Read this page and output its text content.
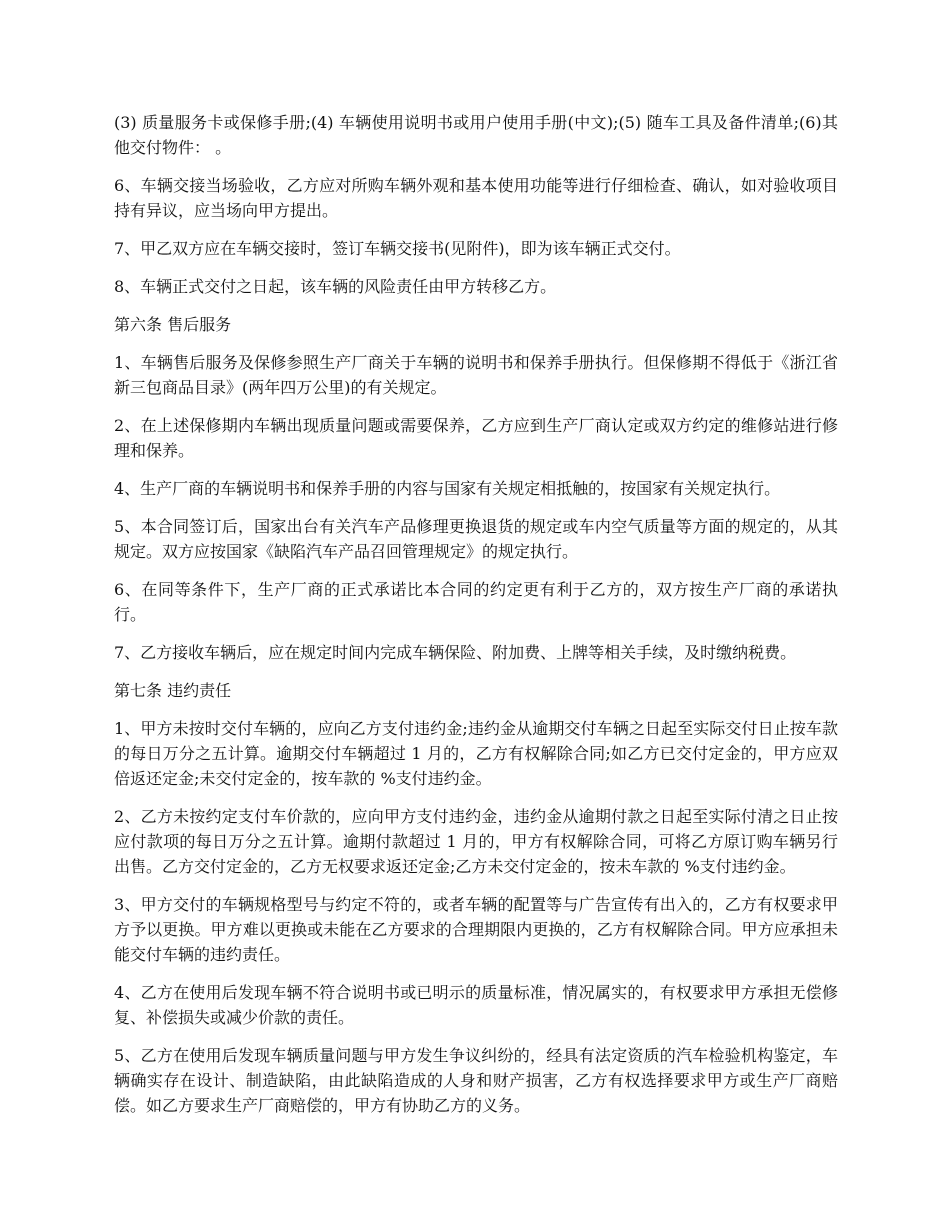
(3) 质量服务卡或保修手册;(4) 车辆使用说明书或用户使用手册(中文);(5) 随车工具及备件清单;(6)其他交付物件： 。

6、车辆交接当场验收，乙方应对所购车辆外观和基本使用功能等进行仔细检查、确认，如对验收项目持有异议，应当场向甲方提出。

7、甲乙双方应在车辆交接时，签订车辆交接书(见附件)，即为该车辆正式交付。

8、车辆正式交付之日起，该车辆的风险责任由甲方转移乙方。

第六条 售后服务

1、车辆售后服务及保修参照生产厂商关于车辆的说明书和保养手册执行。但保修期不得低于《浙江省新三包商品目录》(两年四万公里)的有关规定。

2、在上述保修期内车辆出现质量问题或需要保养，乙方应到生产厂商认定或双方约定的维修站进行修理和保养。

4、生产厂商的车辆说明书和保养手册的内容与国家有关规定相抵触的，按国家有关规定执行。

5、本合同签订后，国家出台有关汽车产品修理更换退货的规定或车内空气质量等方面的规定的，从其规定。双方应按国家《缺陷汽车产品召回管理规定》的规定执行。

6、在同等条件下，生产厂商的正式承诺比本合同的约定更有利于乙方的，双方按生产厂商的承诺执行。

7、乙方接收车辆后，应在规定时间内完成车辆保险、附加费、上牌等相关手续，及时缴纳税费。

第七条 违约责任

1、甲方未按时交付车辆的，应向乙方支付违约金;违约金从逾期交付车辆之日起至实际交付日止按车款的每日万分之五计算。逾期交付车辆超过 1 月的，乙方有权解除合同;如乙方已交付定金的，甲方应双倍返还定金;未交付定金的，按车款的 %支付违约金。

2、乙方未按约定支付车价款的，应向甲方支付违约金，违约金从逾期付款之日起至实际付清之日止按应付款项的每日万分之五计算。逾期付款超过 1 月的，甲方有权解除合同，可将乙方原订购车辆另行出售。乙方交付定金的，乙方无权要求返还定金;乙方未交付定金的，按未车款的 %支付违约金。

3、甲方交付的车辆规格型号与约定不符的，或者车辆的配置等与广告宣传有出入的，乙方有权要求甲方予以更换。甲方难以更换或未能在乙方要求的合理期限内更换的，乙方有权解除合同。甲方应承担未能交付车辆的违约责任。

4、乙方在使用后发现车辆不符合说明书或已明示的质量标准，情况属实的，有权要求甲方承担无偿修复、补偿损失或减少价款的责任。

5、乙方在使用后发现车辆质量问题与甲方发生争议纠纷的，经具有法定资质的汽车检验机构鉴定，车辆确实存在设计、制造缺陷，由此缺陷造成的人身和财产损害，乙方有权选择要求甲方或生产厂商赔偿。如乙方要求生产厂商赔偿的，甲方有协助乙方的义务。
